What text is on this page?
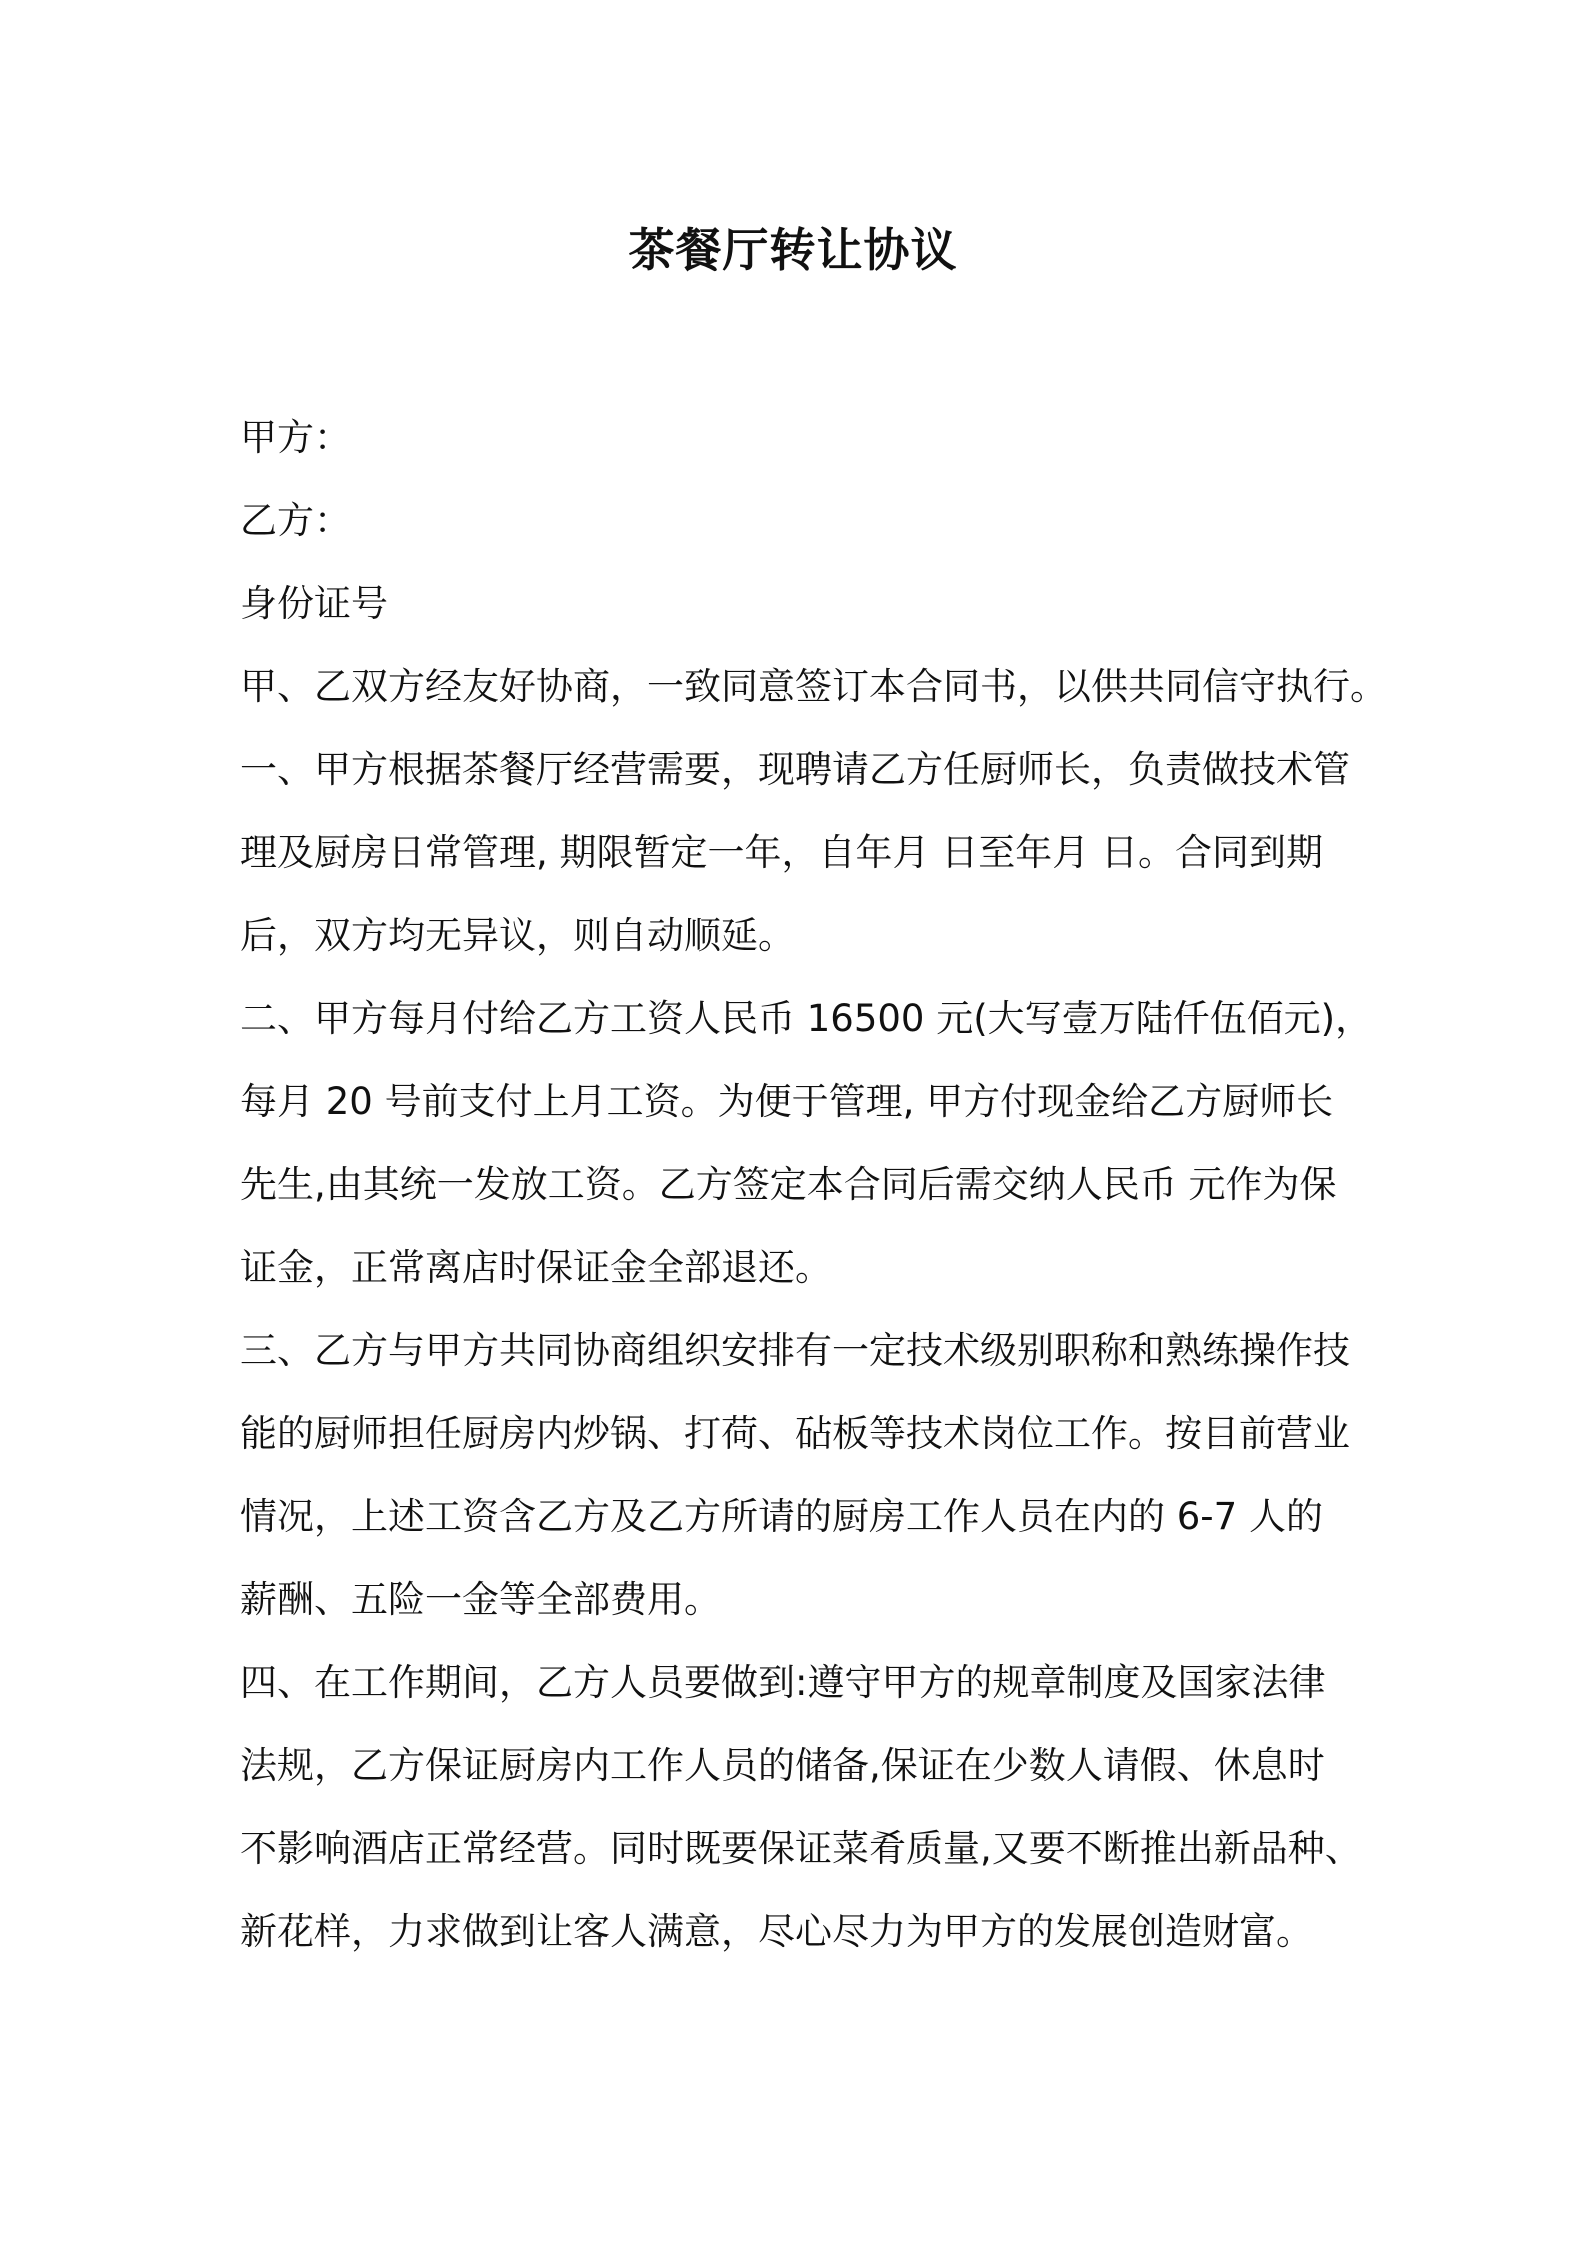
茶餐厅转让协议
甲方：
乙方：
身份证号
甲、乙双方经友好协商，一致同意签订本合同书，以供共同信守执行。
一、甲方根据茶餐厅经营需要，现聘请乙方任厨师长，负责做技术管
理及厨房日常管理, 期限暂定一年，自年月 日至年月 日。合同到期
后，双方均无异议，则自动顺延。
二、甲方每月付给乙方工资人民币 16500 元(大写壹万陆仟伍佰元)，
每月 20 号前支付上月工资。为便于管理, 甲方付现金给乙方厨师长
先生,由其统一发放工资。乙方签定本合同后需交纳人民币 元作为保
证金，正常离店时保证金全部退还。
三、乙方与甲方共同协商组织安排有一定技术级别职称和熟练操作技
能的厨师担任厨房内炒锅、打荷、砧板等技术岗位工作。按目前营业
情况，上述工资含乙方及乙方所请的厨房工作人员在内的 6-7 人的
薪酬、五险一金等全部费用。
四、在工作期间，乙方人员要做到:遵守甲方的规章制度及国家法律
法规，乙方保证厨房内工作人员的储备,保证在少数人请假、休息时
不影响酒店正常经营。同时既要保证菜肴质量,又要不断推出新品种、
新花样，力求做到让客人满意，尽心尽力为甲方的发展创造财富。
